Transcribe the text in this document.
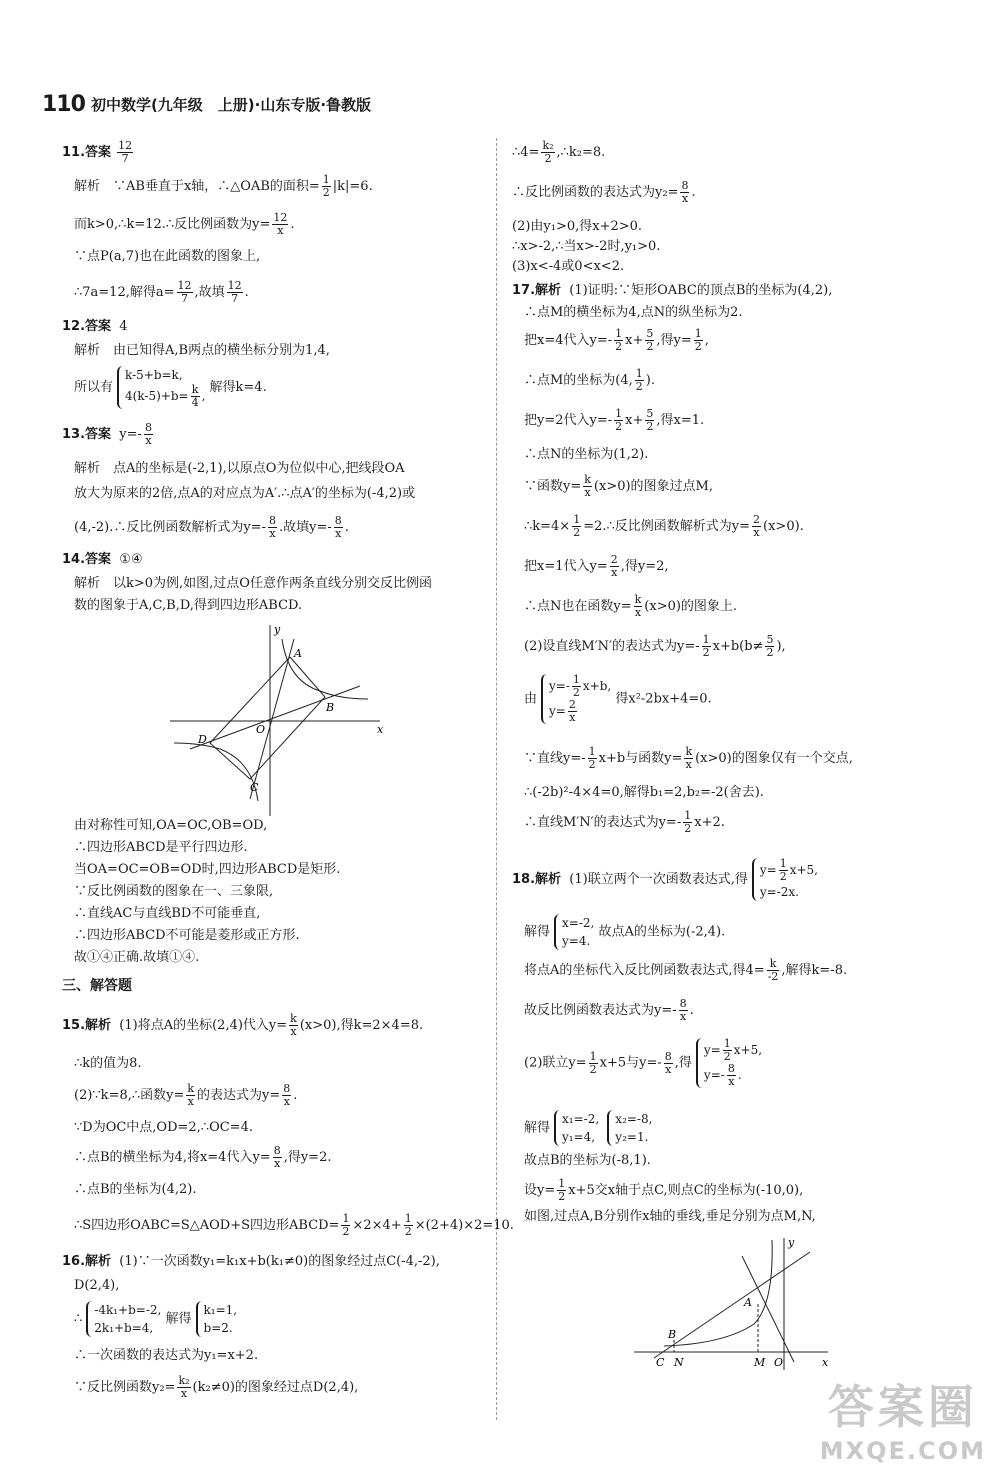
110 初中数学(九年级　上册)·山东专版·鲁教版
11.答案 $\frac{12}{7}$
解析　∵AB垂直于x轴，∴△OAB的面积= $\frac{1}{2} |k|=6$.
而k>0,∴k=12.∴反比例函数为$y= \frac{12}{x}$ .
∵点P(a,7)也在此函数的图象上,
∴7a=12,解得$a= \frac{12}{7}$ ,故填 $\frac{12}{7}$ .
12.答案 4
解析　由已知得A,B两点的横坐标分别为1,4,
所以有
k-5+b=k,
$4(k-5)+b= \frac{k}{4}$ ,
解得k=4.
13.答案 $y=- \frac{8}{x}$
解析　点A的坐标是(-2,1),以原点O为位似中心,把线段OA
放大为原来的2倍,点A的对应点为A′.∴点A′的坐标为(-4,2)或
(4,-2).∴反比例函数解析式为$y=- \frac{8}{x}$ .故填$y=- \frac{8}{x}$ .
14.答案 ①④
解析　以k>0为例,如图,过点O任意作两条直线分别交反比例函
数的图象于A,C,B,D,得到四边形ABCD.
y
x
A
B
C
D
O
由对称性可知,OA=OC,OB=OD,
∴四边形ABCD是平行四边形.
当OA=OC=OB=OD时,四边形ABCD是矩形.
∵反比例函数的图象在一、三象限,
∴直线AC与直线BD不可能垂直,
∴四边形ABCD不可能是菱形或正方形.
故①④正确.故填①④.
三、解答题
15.解析 (1)将点A的坐标(2,4)代入$y= \frac{k}{x} (x>0)$,得k=2×4=8.
∴k的值为8.
(2)∵k=8,∴函数$y= \frac{k}{x}$ 的表达式为$y= \frac{8}{x}$ .
∵D为OC中点,OD=2,∴OC=4.
∴点B的横坐标为4,将x=4代入$y= \frac{8}{x}$ ,得y=2.
∴点B的坐标为(4,2).
∴S四边形OABC=S△AOD+S四边形ABCD= $\frac{1}{2} \times 2\times 4+ \frac{1}{2} \times(2+4)\times 2=10$.
16.解析 (1)∵一次函数y₁=k₁x+b(k₁≠0)的图象经过点C(-4,-2),
D(2,4),
∴
-4k₁+b=-2,
2k₁+b=4,
解得
k₁=1,
b=2.
∴一次函数的表达式为y₁=x+2.
∵反比例函数$y_2= \frac{\text{k₂}}{x} (k_2\ne 0)$的图象经过点D(2,4),
∴4= $\frac{\text{k₂}}{2}$ ,∴k₂=8.
∴反比例函数的表达式为$y_2= \frac{8}{x}$ .
(2)由y₁>0,得x+2>0.
∴x>-2,∴当x>-2时,y₁>0.
(3)x<-4或0<x<2.
17.解析 (1)证明:∵矩形OABC的顶点B的坐标为(4,2),
∴点M的横坐标为4,点N的纵坐标为2.
把x=4代入$y=- \frac{1}{2} x+ \frac{5}{2}$ ,得$y= \frac{1}{2}$ ,
∴点M的坐标为(4, $\frac{1}{2}$ ).
把y=2代入$y=- \frac{1}{2} x+ \frac{5}{2}$ ,得x=1.
∴点N的坐标为(1,2).
∵函数$y= \frac{k}{x} (x>0)$的图象过点M,
∴k=4× $\frac{1}{2}$ =2.∴反比例函数解析式为$y= \frac{2}{x} (x>0)$.
把x=1代入$y= \frac{2}{x}$ ,得y=2,
∴点N也在函数$y= \frac{k}{x} (x>0)$的图象上.
(2)设直线M′N′的表达式为$y=- \frac{1}{2} x+b(b\ne \frac{5}{2}$ ),
由
$y=- \frac{1}{2} x+b$,
$y= \frac{2}{x}$	得x²-2bx+4=0.
∵直线$y=- \frac{1}{2} x+b$与函数$y= \frac{k}{x} (x>0)$的图象仅有一个交点,
∴(-2b)²-4×4=0,解得b₁=2,b₂=-2(舍去).
∴直线M′N′的表达式为$y=- \frac{1}{2} x+2$.
18.解析 (1)联立两个一次函数表达式,得
$y= \frac{1}{2} x+5$,
y=-2x.
解得
x=-2,
y=4.
故点A的坐标为(-2,4).
将点A的坐标代入反比例函数表达式,得$4= \frac{k}{-2}$ ,解得k=-8.
故反比例函数表达式为$y=- \frac{8}{x}$ .
(2)联立$y= \frac{1}{2} x+5$与$y=- \frac{8}{x}$ ,得
$y= \frac{1}{2} x+5$,
$y=- \frac{8}{x}$ .
解得
x₁=-2,
y₁=4,

x₂=-8,
y₂=1.
故点B的坐标为(-8,1).
设$y= \frac{1}{2} x+5$交x轴于点C,则点C的坐标为(-10,0),
如图,过点A,B分别作x轴的垂线,垂足分别为点M,N,
y
x
A
B
C N	M O
答案圈
MXQE.COM
